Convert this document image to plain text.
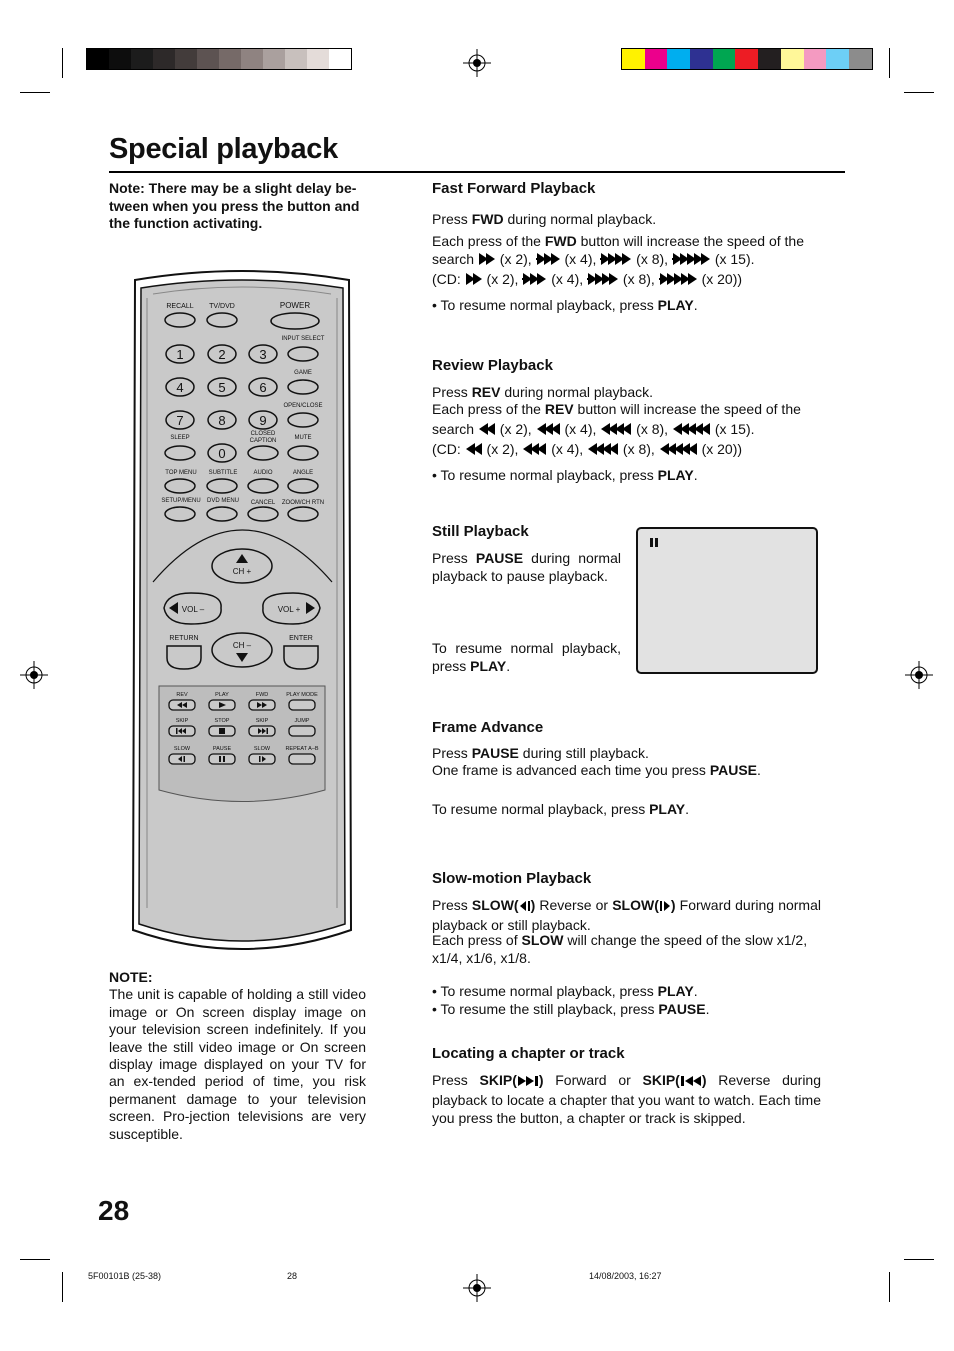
Special playback
Note: There may be a slight delay be-tween when you press the button and the function activating.
RECALL TV/DVD	POWER
INPUT SELECT
1	2	3
4	5	6
7	8	9
0
GAME
OPEN/CLOSE
SLEEP
CLOSED
CAPTION	MUTE
TOP MENU SUBTITLE	AUDIO	ANGLE
SETUP/MENU DVD MENU CANCEL ZOOM/CH RTN
CH +
VOL –	VOL +
CH –
RETURN	ENTER
REV	PLAY	FWD	PLAY MODE
SKIP	STOP	SKIP	JUMP
SLOW	PAUSE	SLOW	REPEAT A–B
NOTE:
The unit is capable of holding a still video image or On screen display image on your television screen indefinitely. If you leave the still video image or On screen display image displayed on your TV for an ex-tended period of time, you risk permanent damage to your television screen. Pro-jection televisions are very susceptible.
Fast Forward Playback
Press FWD during normal playback.
Each press of the FWD button will increase the speed of the
search  (x 2),  (x 4),  (x 8),	(x 15).
(CD:  (x 2),  (x 4),  (x 8),	(x 20))
• To resume normal playback, press PLAY.
Review Playback
Press REV during normal playback.
Each press of the REV button will increase the speed of the
search  (x 2),  (x 4),  (x 8),	(x 15).
(CD:  (x 2),  (x 4),  (x 8),	(x 20))
• To resume normal playback, press PLAY.
Still Playback
Press PAUSE during normal playback to pause playback.
To resume normal playback, press PLAY.
Frame Advance
Press PAUSE during still playback.
One frame is advanced each time you press PAUSE.
To resume normal playback, press PLAY.
Slow-motion Playback
Press SLOW( ) Reverse or SLOW( ) Forward during normal playback or still playback.
Each press of SLOW will change the speed of the slow x1/2, x1/4, x1/6, x1/8.
• To resume normal playback, press PLAY.
• To resume the still playback, press PAUSE.
Locating a chapter or track
Press SKIP( ) Forward or SKIP( ) Reverse during playback to locate a chapter that you want to watch. Each time you press the button, a chapter or track is skipped.
28
5F00101B (25-38)	28	14/08/2003, 16:27
